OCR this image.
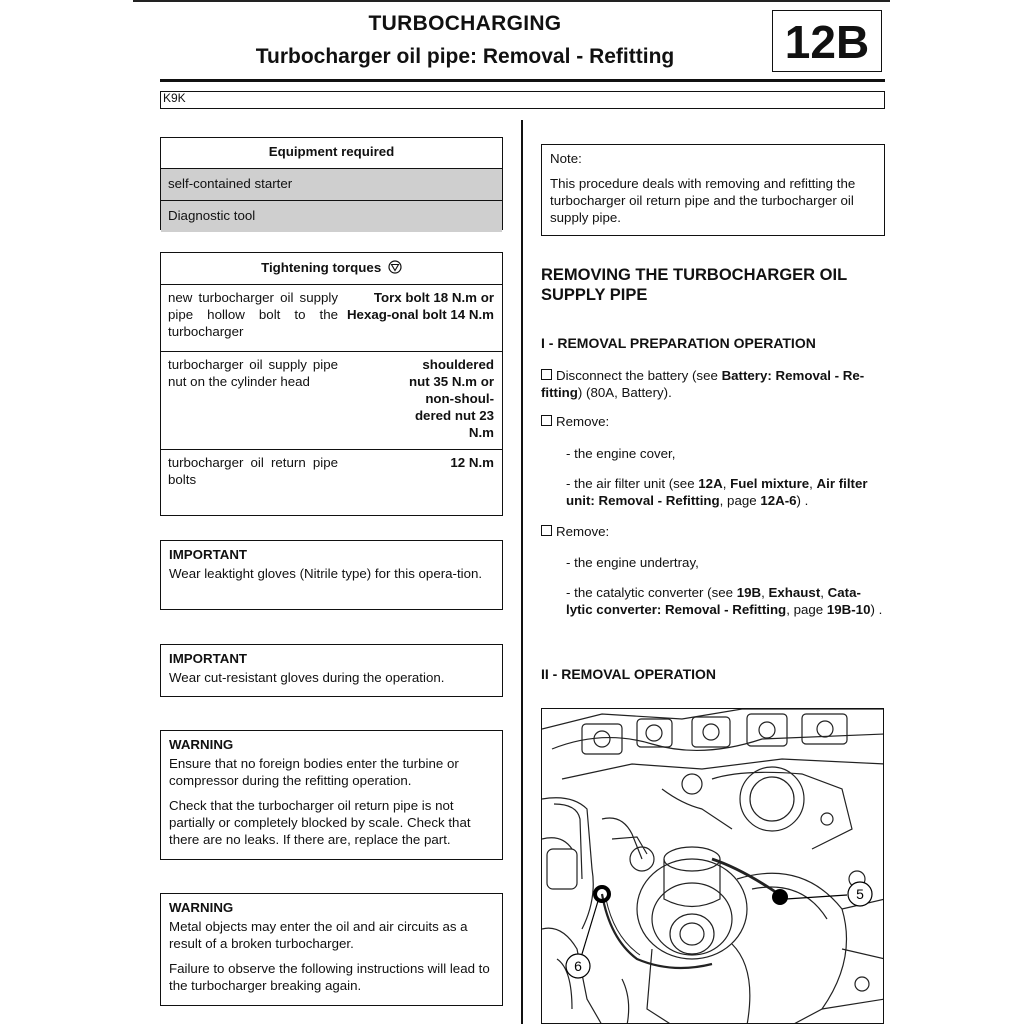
TURBOCHARGING
Turbocharger oil pipe: Removal - Refitting	12B
K9K
Equipment required
self-contained starter
Diagnostic tool
Tightening torques
new turbocharger oil supply pipe hollow bolt to the turbocharger
Torx bolt 18 N.m or Hexag-onal bolt 14 N.m
turbocharger oil supply pipe nut on the cylinder head
shouldered nut 35 N.m or non-shoul-dered nut 23 N.m
turbocharger oil return pipe bolts
12 N.m

IMPORTANT

Wear leaktight gloves (Nitrile type) for this opera-tion.

IMPORTANT

Wear cut-resistant gloves during the operation.

WARNING

Ensure that no foreign bodies enter the turbine or compressor during the refitting operation.

Check that the turbocharger oil return pipe is not partially or completely blocked by scale. Check that there are no leaks. If there are, replace the part.

WARNING

Metal objects may enter the oil and air circuits as a result of a broken turbocharger.

Failure to observe the following instructions will lead to the turbocharger breaking again.

Note:

This procedure deals with removing and refitting the turbocharger oil return pipe and the turbocharger oil supply pipe.

REMOVING THE TURBOCHARGER OIL SUPPLY PIPE
I - REMOVAL PREPARATION OPERATION
Disconnect the battery (see Battery: Removal - Re-fitting) (80A, Battery).
Remove:
- the engine cover,
- the air filter unit (see 12A, Fuel mixture, Air filter unit: Removal - Refitting, page 12A-6) .
Remove:
- the engine undertray,
- the catalytic converter (see 19B, Exhaust, Cata-lytic converter: Removal - Refitting, page 19B-10) .
II - REMOVAL OPERATION
5
6
